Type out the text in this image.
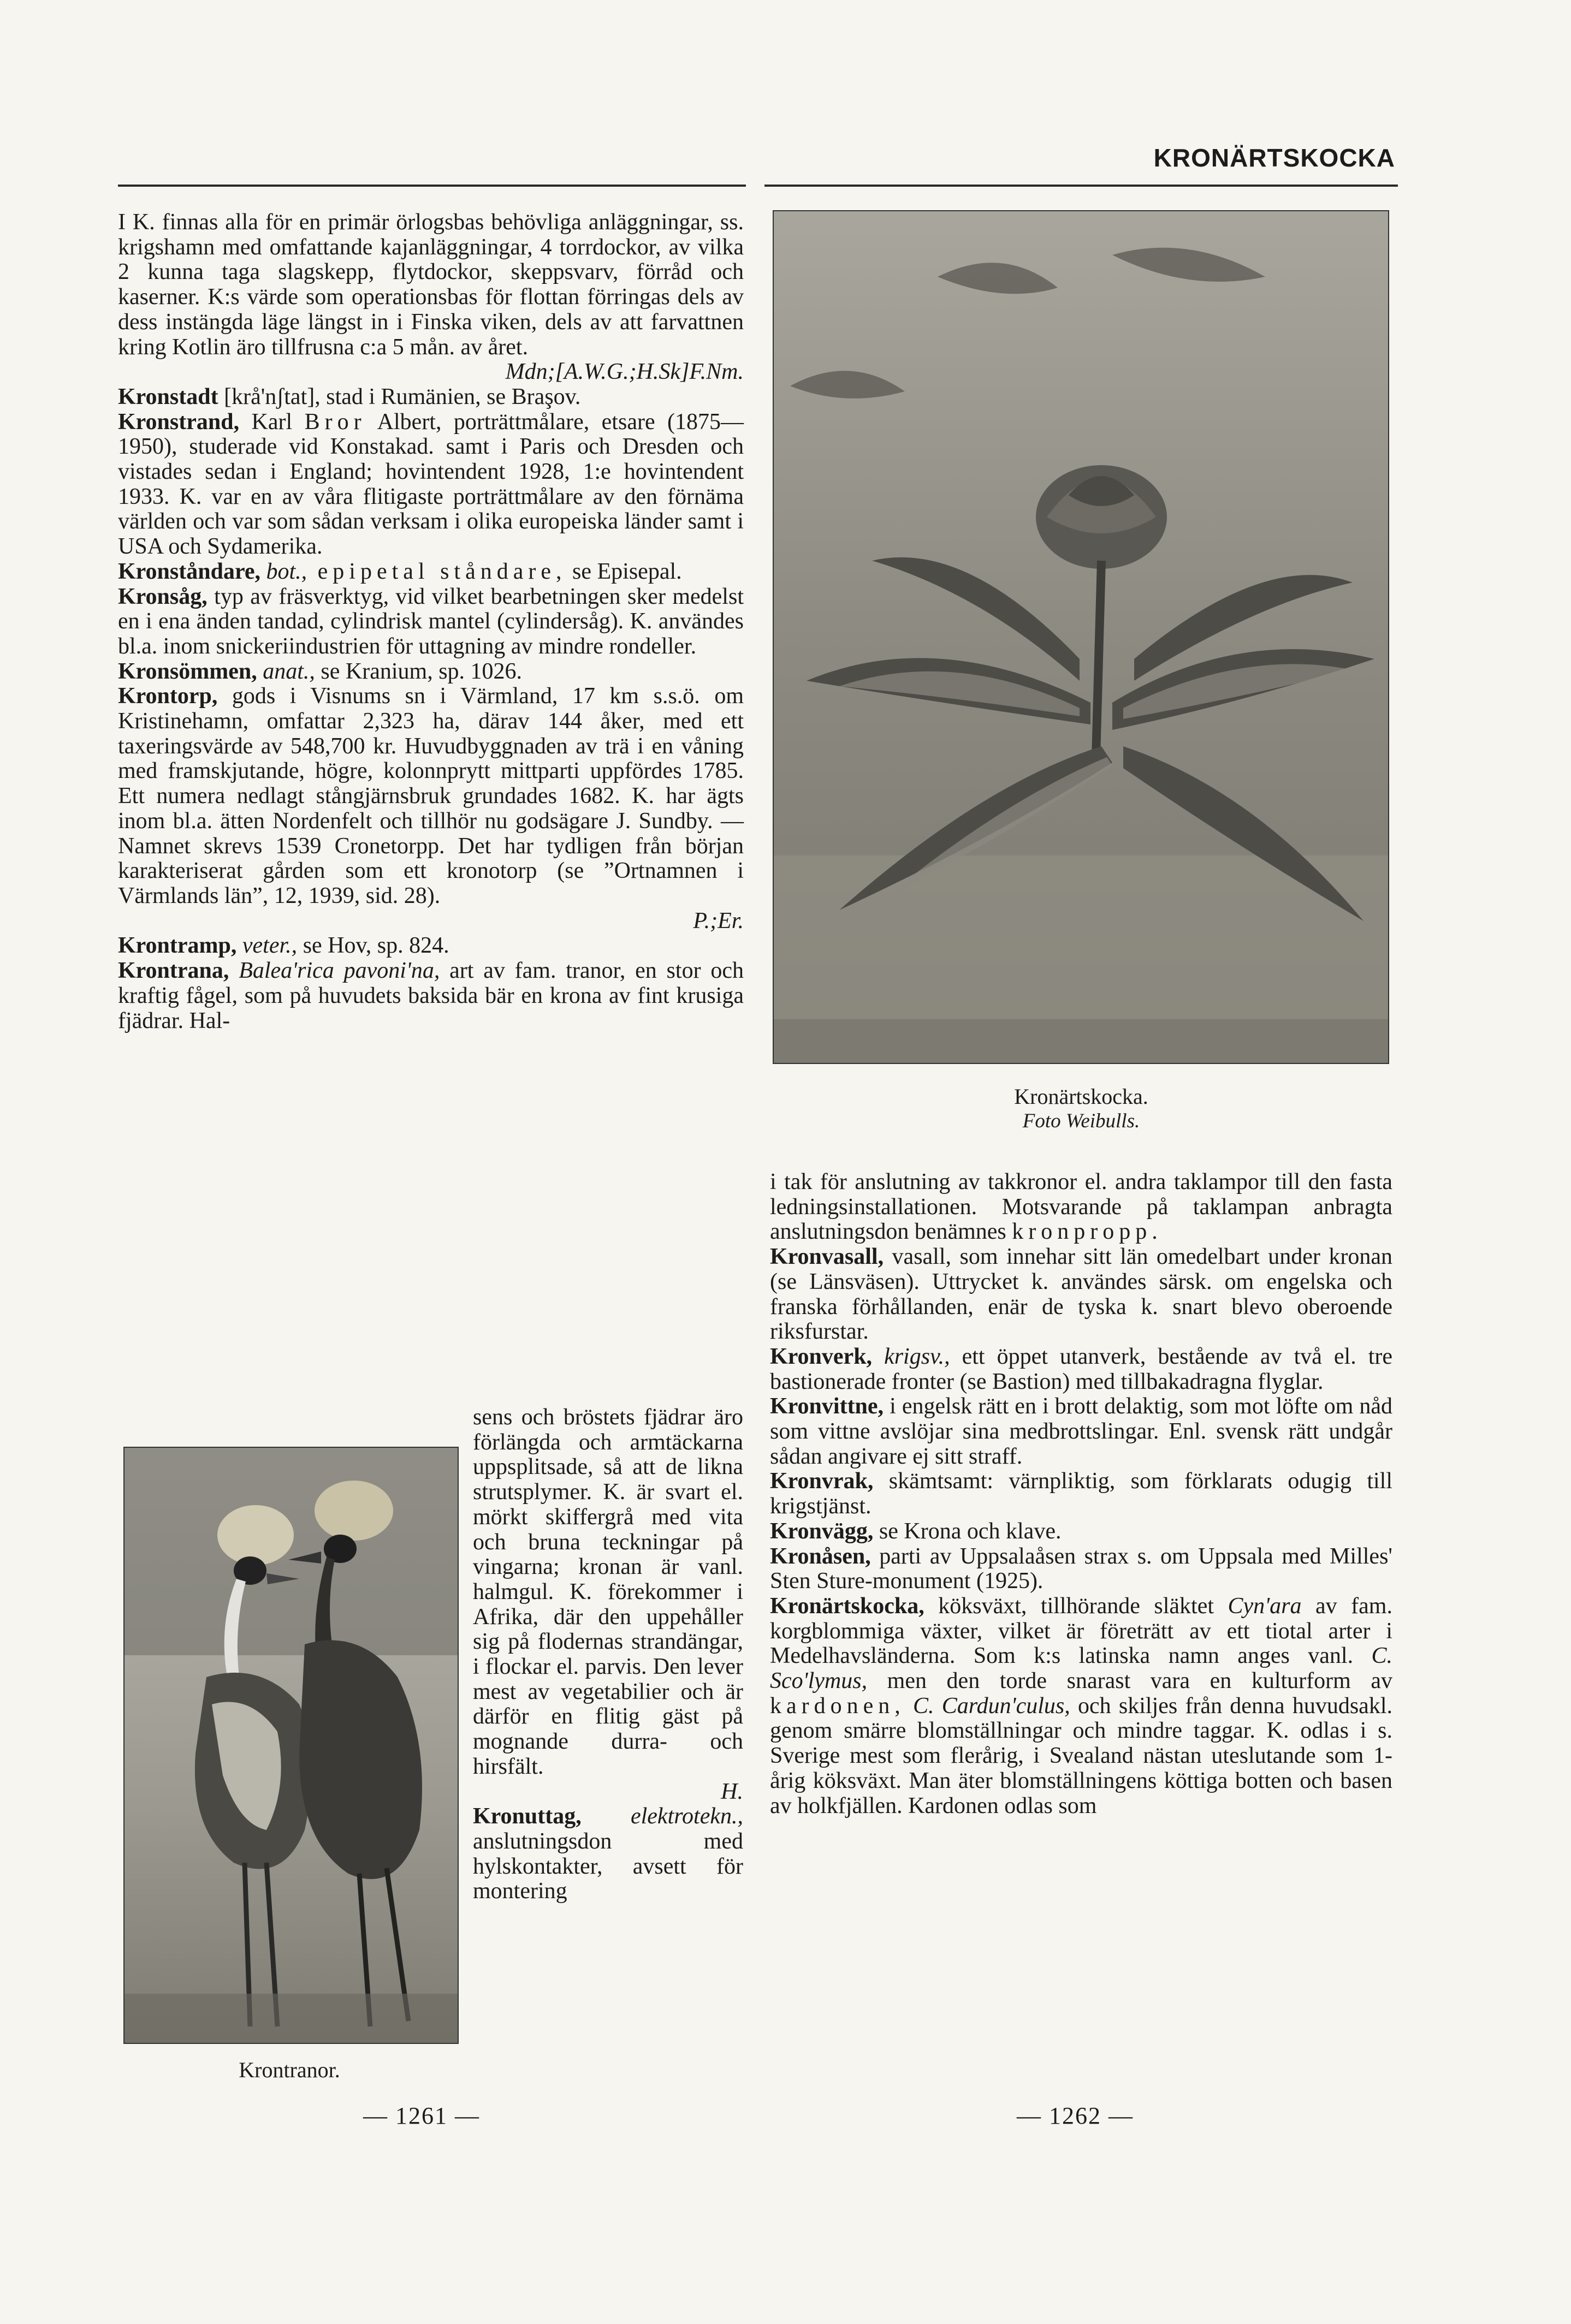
KRONÄRTSKOCKA

I K. finnas alla för en primär örlogsbas behövliga anläggningar, ss. krigshamn med omfattande kajanläggningar, 4 torrdockor, av vilka 2 kunna taga slagskepp, flytdockor, skeppsvarv, förråd och kaserner. K:s värde som operationsbas för flottan förringas dels av dess instängda läge längst in i Finska viken, dels av att farvattnen kring Kotlin äro tillfrusna c:a 5 mån. av året.
Mdn;[A.W.G.;H.Sk]F.Nm.

Kronstadt [krå'nʃtat], stad i Rumänien, se Braşov.

Kronstrand, Karl Bror Albert, porträttmålare, etsare (1875—1950), studerade vid Konstakad. samt i Paris och Dresden och vistades sedan i England; hovintendent 1928, 1:e hovintendent 1933. K. var en av våra flitigaste porträttmålare av den förnäma världen och var som sådan verksam i olika europeiska länder samt i USA och Sydamerika.

Kronståndare, bot., epipetal ståndare, se Episepal.

Kronsåg, typ av fräsverktyg, vid vilket bearbetningen sker medelst en i ena änden tandad, cylindrisk mantel (cylindersåg). K. användes bl.a. inom snickeriindustrien för uttagning av mindre rondeller.

Kronsömmen, anat., se Kranium, sp. 1026.

Krontorp, gods i Visnums sn i Värmland, 17 km s.s.ö. om Kristinehamn, omfattar 2,323 ha, därav 144 åker, med ett taxeringsvärde av 548,700 kr. Huvudbyggnaden av trä i en våning med framskjutande, högre, kolonnprytt mittparti uppfördes 1785. Ett numera nedlagt stångjärnsbruk grundades 1682. K. har ägts inom bl.a. ätten Nordenfelt och tillhör nu godsägare J. Sundby. — Namnet skrevs 1539 Cronetorpp. Det har tydligen från början karakteriserat gården som ett kronotorp (se ”Ortnamnen i Värmlands län”, 12, 1939, sid. 28).
P.;Er.

Krontramp, veter., se Hov, sp. 824.

Krontrana, Balea'rica pavoni'na, art av fam. tranor, en stor och kraftig fågel, som på huvudets baksida bär en krona av fint krusiga fjädrar. Hal-

Krontranor.

sens och bröstets fjädrar äro förlängda och armtäckarna uppsplitsade, så att de likna strutsplymer. K. är svart el. mörkt skiffergrå med vita och bruna teckningar på vingarna; kronan är vanl. halmgul. K. förekommer i Afrika, där den uppehåller sig på flodernas strandängar, i flockar el. parvis. Den lever mest av vegetabilier och är därför en flitig gäst på mognande durra- och hirsfält.
H.

Kronuttag, elektrotekn., anslutningsdon med hylskontakter, avsett för montering

— 1261 —
Kronärtskocka.
Foto Weibulls.

i tak för anslutning av takkronor el. andra taklampor till den fasta ledningsinstallationen. Motsvarande på taklampan anbragta anslutningsdon benämnes kronpropp.

Kronvasall, vasall, som innehar sitt län omedelbart under kronan (se Länsväsen). Uttrycket k. användes särsk. om engelska och franska förhållanden, enär de tyska k. snart blevo oberoende riksfurstar.

Kronverk, krigsv., ett öppet utanverk, bestående av två el. tre bastionerade fronter (se Bastion) med tillbakadragna flyglar.

Kronvittne, i engelsk rätt en i brott delaktig, som mot löfte om nåd som vittne avslöjar sina medbrottslingar. Enl. svensk rätt undgår sådan angivare ej sitt straff.

Kronvrak, skämtsamt: värnpliktig, som förklarats odugig till krigstjänst.

Kronvägg, se Krona och klave.

Kronåsen, parti av Uppsalaåsen strax s. om Uppsala med Milles' Sten Sture-monument (1925).

Kronärtskocka, köksväxt, tillhörande släktet Cyn'ara av fam. korgblommiga växter, vilket är företrätt av ett tiotal arter i Medelhavsländerna. Som k:s latinska namn anges vanl. C. Sco'lymus, men den torde snarast vara en kulturform av kardonen, C. Cardun'culus, och skiljes från denna huvudsakl. genom smärre blomställningar och mindre taggar. K. odlas i s. Sverige mest som flerårig, i Svealand nästan uteslutande som 1-årig köksväxt. Man äter blomställningens köttiga botten och basen av holkfjällen. Kardonen odlas som

— 1262 —
